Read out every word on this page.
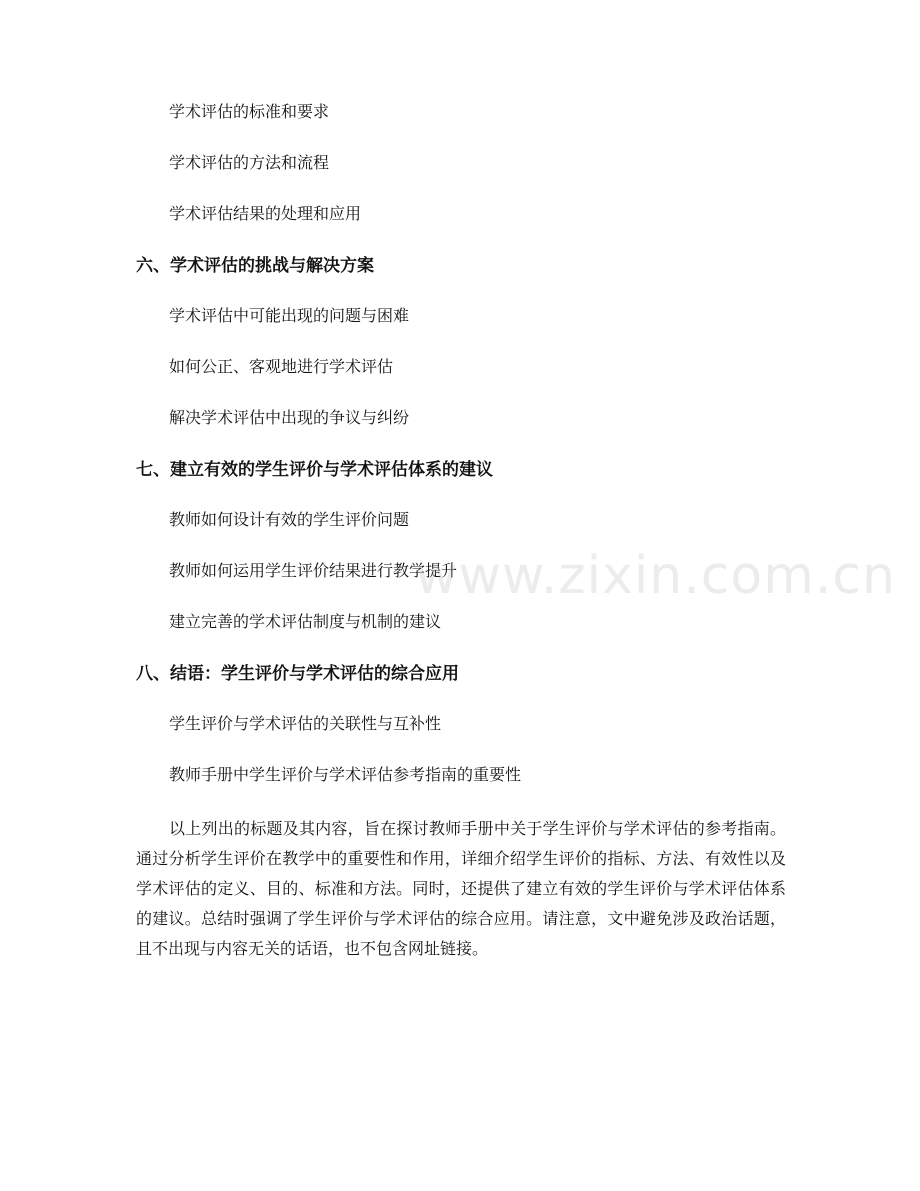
学术评估的标准和要求
学术评估的方法和流程
学术评估结果的处理和应用
六、学术评估的挑战与解决方案
学术评估中可能出现的问题与困难
如何公正、客观地进行学术评估
解决学术评估中出现的争议与纠纷
七、建立有效的学生评价与学术评估体系的建议
教师如何设计有效的学生评价问题
教师如何运用学生评价结果进行教学提升
建立完善的学术评估制度与机制的建议
八、结语：学生评价与学术评估的综合应用
学生评价与学术评估的关联性与互补性
教师手册中学生评价与学术评估参考指南的重要性
以上列出的标题及其内容，旨在探讨教师手册中关于学生评价与学术评估的参考指南。通过分析学生评价在教学中的重要性和作用，详细介绍学生评价的指标、方法、有效性以及学术评估的定义、目的、标准和方法。同时，还提供了建立有效的学生评价与学术评估体系的建议。总结时强调了学生评价与学术评估的综合应用。请注意，文中避免涉及政治话题，且不出现与内容无关的话语，也不包含网址链接。
www.zixin.com.cn
